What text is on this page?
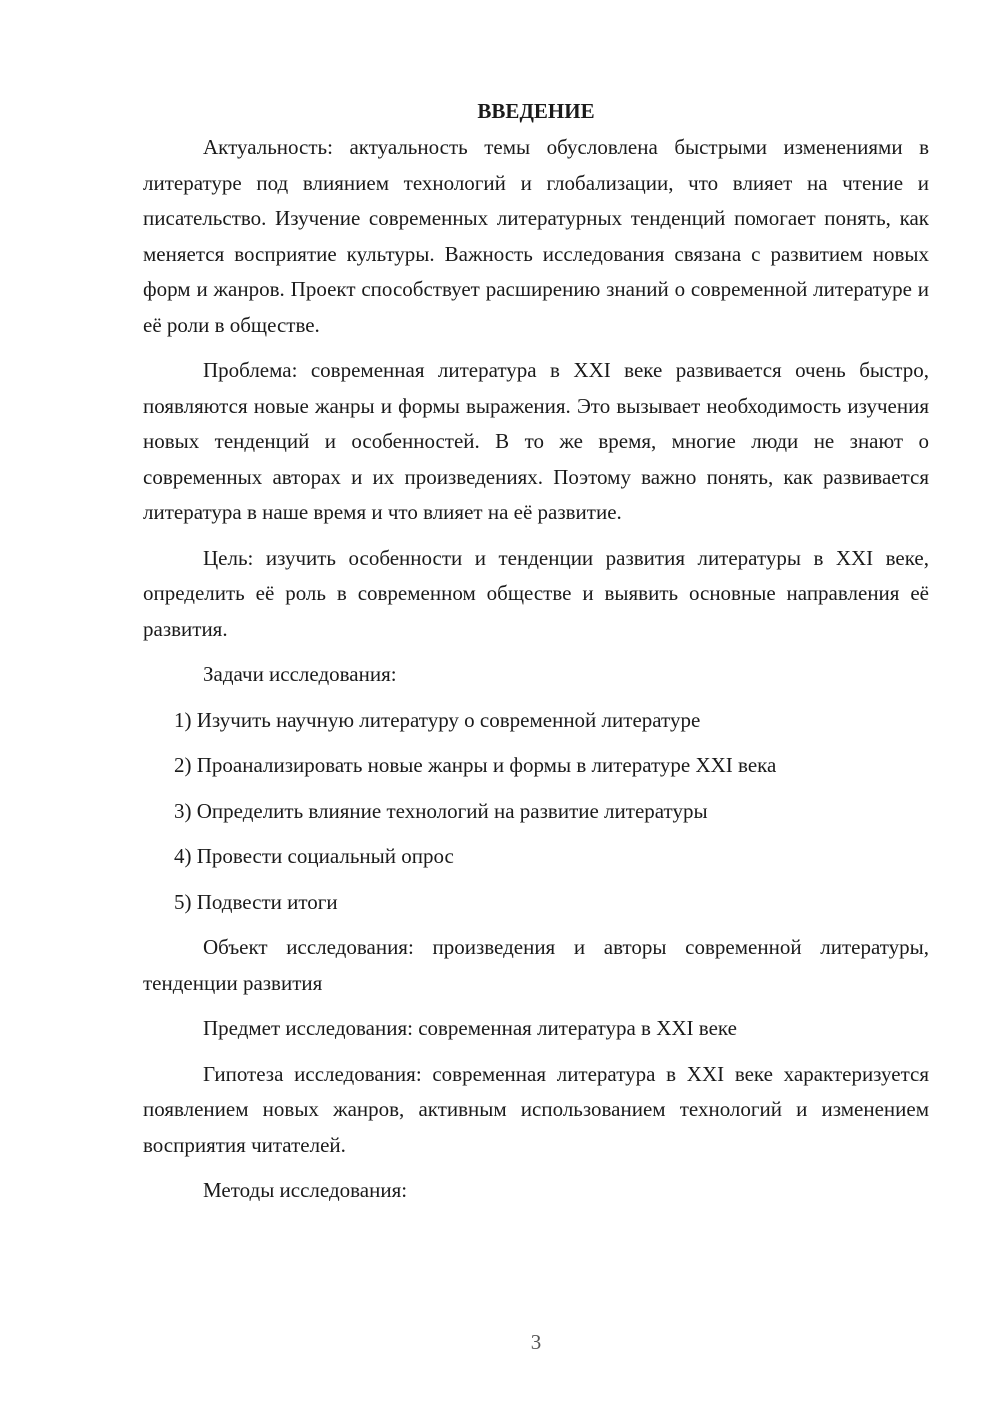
ВВЕДЕНИЕ

Актуальность: актуальность темы обусловлена быстрыми изменениями в литературе под влиянием технологий и глобализации, что влияет на чтение и писательство. Изучение современных литературных тенденций помогает понять, как меняется восприятие культуры. Важность исследования связана с развитием новых форм и жанров. Проект способствует расширению знаний о современной литературе и её роли в обществе.

Проблема: современная литература в XXI веке развивается очень быстро, появляются новые жанры и формы выражения. Это вызывает необходимость изучения новых тенденций и особенностей. В то же время, многие люди не знают о современных авторах и их произведениях. Поэтому важно понять, как развивается литература в наше время и что влияет на её развитие.

Цель: изучить особенности и тенденции развития литературы в XXI веке, определить её роль в современном обществе и выявить основные направления её развития.

Задачи исследования:

1) Изучить научную литературу о современной литературе
2) Проанализировать новые жанры и формы в литературе XXI века
3) Определить влияние технологий на развитие литературы
4) Провести социальный опрос
5) Подвести итоги

Объект исследования: произведения и авторы современной литературы, тенденции развития

Предмет исследования: современная литература в XXI веке

Гипотеза исследования: современная литература в XXI веке характеризуется появлением новых жанров, активным использованием технологий и изменением восприятия читателей.

Методы исследования:

3
